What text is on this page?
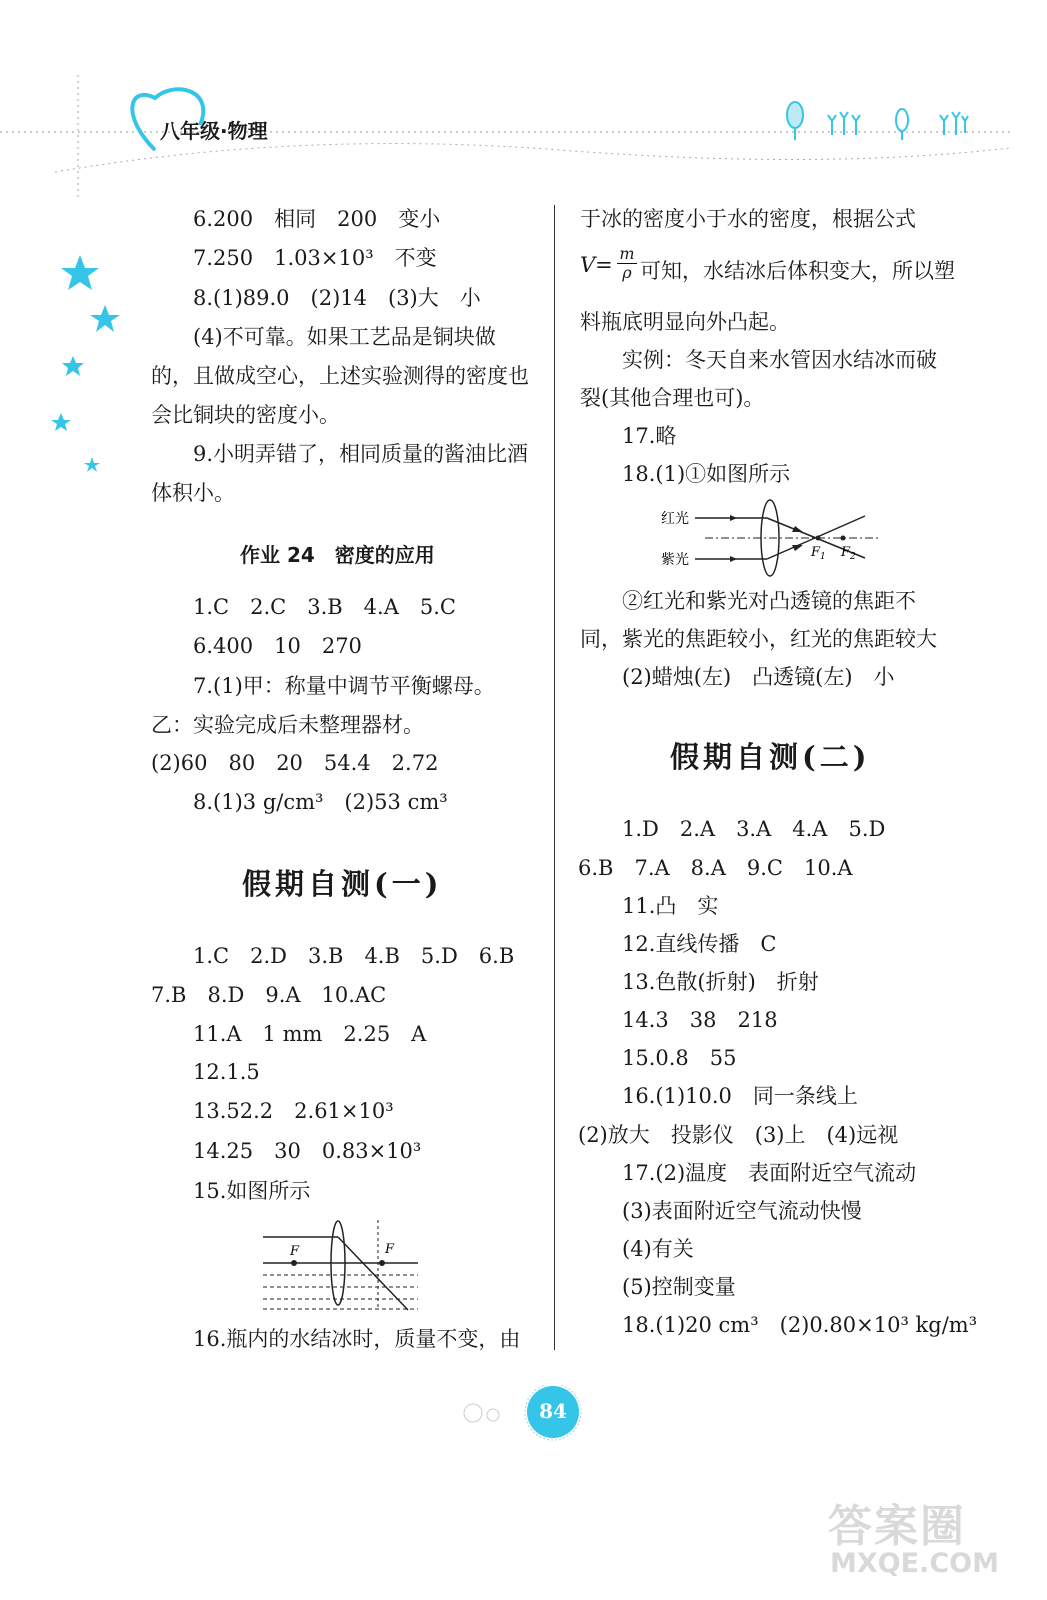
八年级·物理
6.200　相同　200　变小
7.250　1.03×10³　不变
8.(1)89.0　(2)14　(3)大　小
(4)不可靠。如果工艺品是铜块做
的，且做成空心，上述实验测得的密度也
会比铜块的密度小。
9.小明弄错了，相同质量的酱油比酒
体积小。
作业 24　密度的应用
1.C　2.C　3.B　4.A　5.C
6.400　10　270
7.(1)甲：称量中调节平衡螺母。
乙：实验完成后未整理器材。
(2)60　80　20　54.4　2.72
8.(1)3 g/cm³　(2)53 cm³
假期自测(一)
1.C　2.D　3.B　4.B　5.D　6.B
7.B　8.D　9.A　10.AC
11.A　1 mm　2.25　A
12.1.5
13.52.2　2.61×10³
14.25　30　0.83×10³
15.如图所示
F	F
16.瓶内的水结冰时，质量不变，由
于冰的密度小于水的密度，根据公式
$V= \frac{m}{\rho}$ 可知，水结冰后体积变大，所以塑
料瓶底明显向外凸起。
实例：冬天自来水管因水结冰而破
裂(其他合理也可)。
17.略
18.(1)①如图所示
红光
紫光	$F_1$ $F_2$
②红光和紫光对凸透镜的焦距不
同，紫光的焦距较小，红光的焦距较大
(2)蜡烛(左)　凸透镜(左)　小
假期自测(二)
1.D　2.A　3.A　4.A　5.D
6.B　7.A　8.A　9.C　10.A
11.凸　实
12.直线传播　C
13.色散(折射)　折射
14.3　38　218
15.0.8　55
16.(1)10.0　同一条线上
(2)放大　投影仪　(3)上　(4)远视
17.(2)温度　表面附近空气流动
(3)表面附近空气流动快慢
(4)有关
(5)控制变量
18.(1)20 cm³　(2)0.80×10³ kg/m³
84
答案圈
MXQE.COM
